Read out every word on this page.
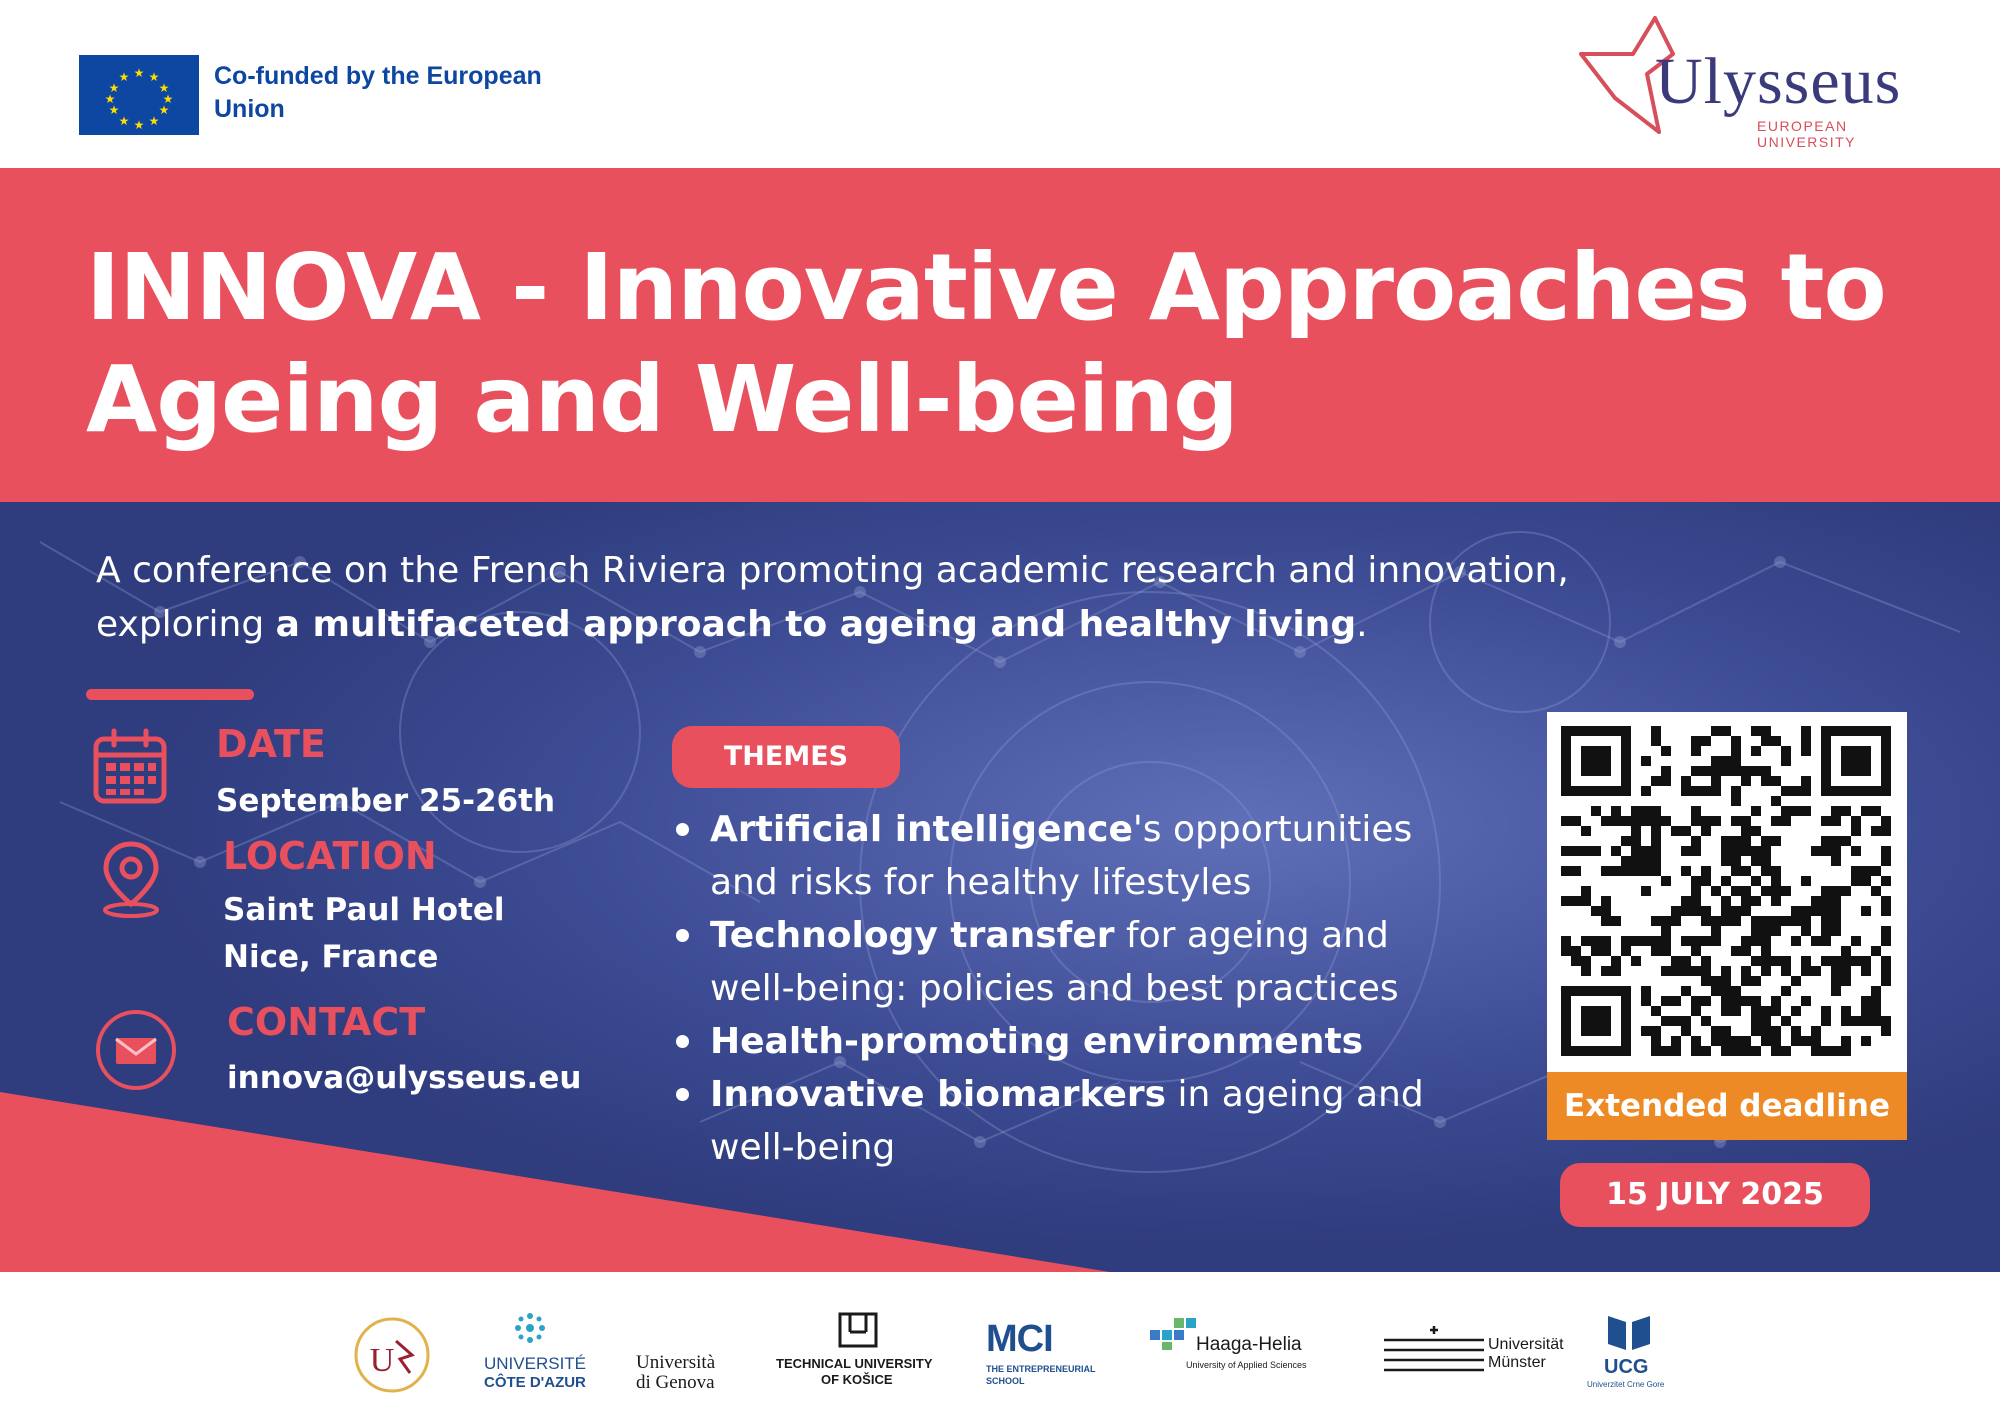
★ ★
★
★
★
★
★
★
★
★
★
★	Co-funded by the European Union	Ulysseus
EUROPEAN UNIVERSITY
INNOVA - Innovative Approaches to Ageing and Well-being
A conference on the French Riviera promoting academic research and innovation, exploring a multifaceted approach to ageing and healthy living.
DATE
September 25-26th
LOCATION
Saint Paul Hotel
Nice, France
CONTACT
innova@ulysseus.eu
THEMES
Artificial intelligence's opportunities and risks for healthy lifestyles
Technology transfer for ageing and well-being: policies and best practices
Health-promoting environments
Innovative biomarkers in ageing and well-being
Extended deadline
15 JULY 2025
U	UNIVERSITÉ
CÔTE D'AZUR
Università
di Genova
TECHNICAL UNIVERSITY
OF KOŠICE
MCI
THE ENTREPRENEURIAL
SCHOOL
Haaga-Helia
University of Applied Sciences
Universität
Münster	UCG
Univerzitet Crne Gore
